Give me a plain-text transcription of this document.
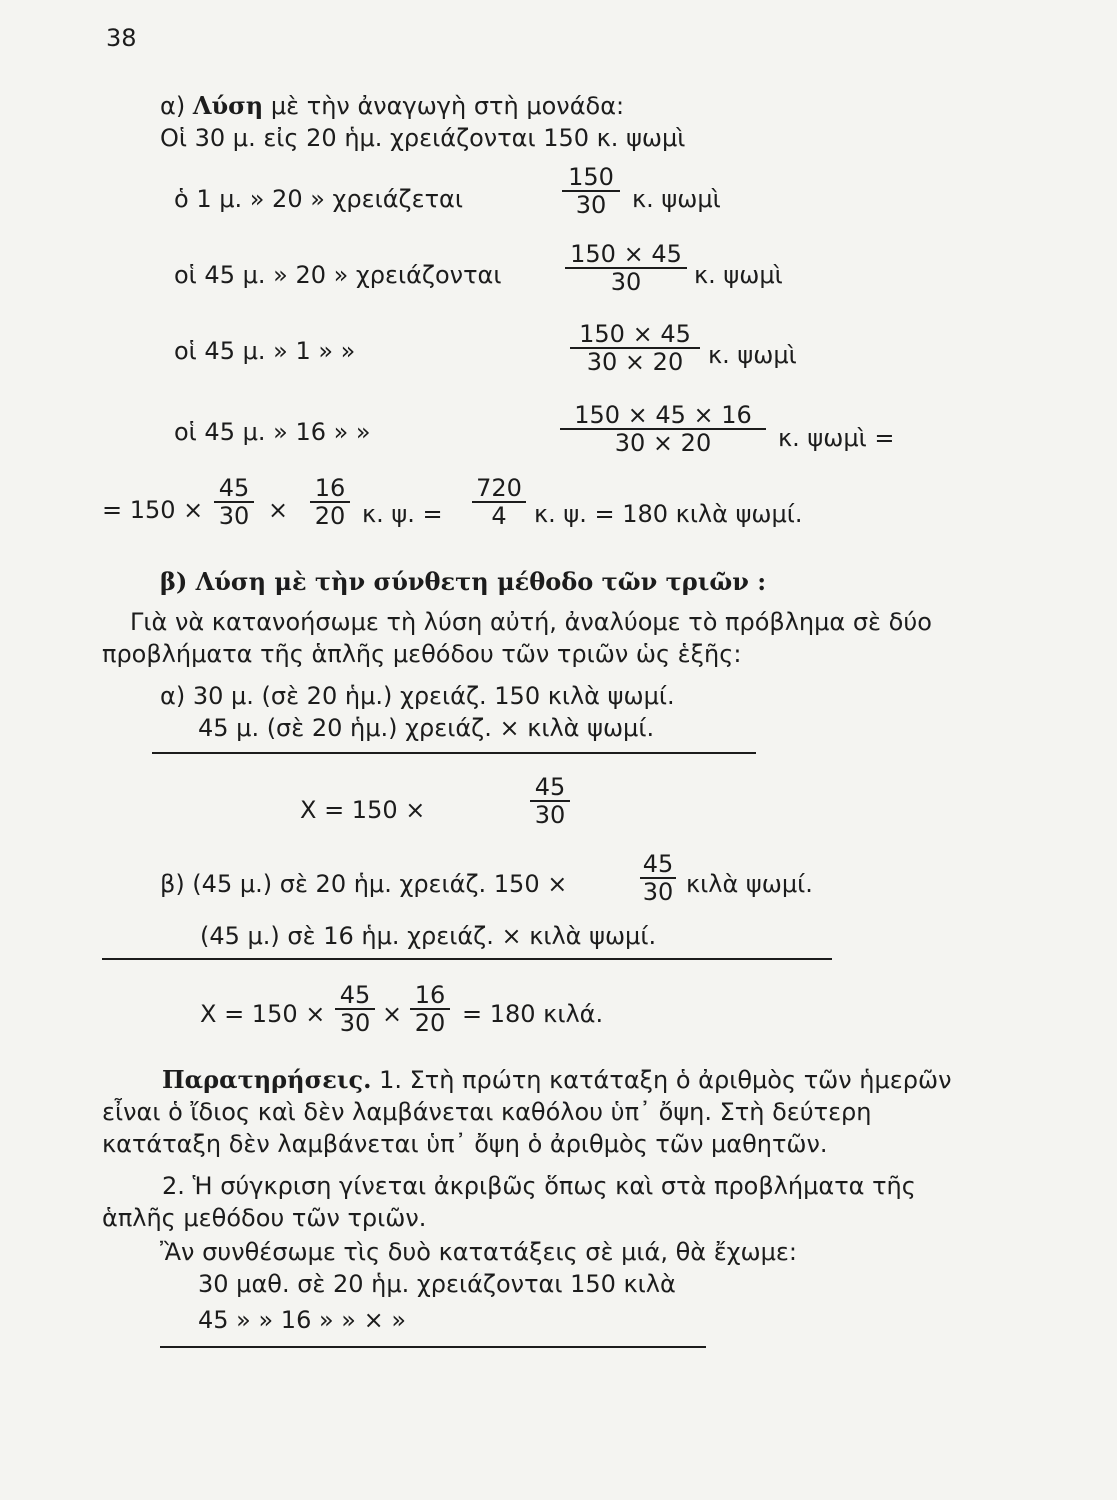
38
α) Λύση μὲ τὴν ἀναγωγὴ στὴ μονάδα:
Οἱ 30 μ. εἰς 20 ἡμ. χρειάζονται 150 κ. ψωμὶ
ὁ 1 μ. » 20 » χρειάζεται	$\frac{150}{30} \kappa$. ψωμὶ
οἱ 45 μ. » 20 » χρειάζονται	$\frac{150 \times 45}{30} \kappa$. ψωμὶ
οἱ 45 μ. » 1 » »	$\frac{150 \times 45}{30 \times 20} \kappa$. ψωμὶ
οἱ 45 μ. » 16 » »	$\frac{150 \times 45 \times 16}{30 \times 20} \kappa$. ψωμὶ =
= $150 \times \frac{45}{30} \times \frac{16}{20} \kappa$. ψ. = $\frac{720}{4} \kappa$. ψ. = 180 κιλὰ ψωμί.
β) Λύση μὲ τὴν σύνθετη μέθοδο τῶν τριῶν :
Γιὰ νὰ κατανοήσωμε τὴ λύση αὐτή, ἀναλύομε τὸ πρόβλημα σὲ δύο προβλήματα τῆς ἁπλῆς μεθόδου τῶν τριῶν ὡς ἑξῆς:
α) 30 μ. (σὲ 20 ἡμ.) χρειάζ. 150 κιλὰ ψωμί.
45 μ. (σὲ 20 ἡμ.) χρειάζ. × κιλὰ ψωμί.
X = 150 ×	$\frac{45}{30}$
β) (45 μ.) σὲ 20 ἡμ. χρειάζ. 150 ×	$\frac{45}{30}$ κιλὰ ψωμί.
(45 μ.) σὲ 16 ἡμ. χρειάζ. × κιλὰ ψωμί.
$X = 150 \times \frac{45}{30} \times \frac{16}{20} = 180$ κιλά.
Παρατηρήσεις. 1. Στὴ πρώτη κατάταξη ὁ ἀριθμὸς τῶν ἡμερῶν εἶναι ὁ ἴδιος καὶ δὲν λαμβάνεται καθόλου ὑπ᾽ ὄψη. Στὴ δεύτερη κατάταξη δὲν λαμβάνεται ὑπ᾽ ὄψη ὁ ἀριθμὸς τῶν μαθητῶν.
2. Ἡ σύγκριση γίνεται ἀκριβῶς ὅπως καὶ στὰ προβλήματα τῆς ἁπλῆς μεθόδου τῶν τριῶν.
Ἂν συνθέσωμε τὶς δυὸ κατατάξεις σὲ μιά, θὰ ἔχωμε:
30 μαθ. σὲ 20 ἡμ. χρειάζονται 150 κιλὰ
45 » » 16 » » × »
